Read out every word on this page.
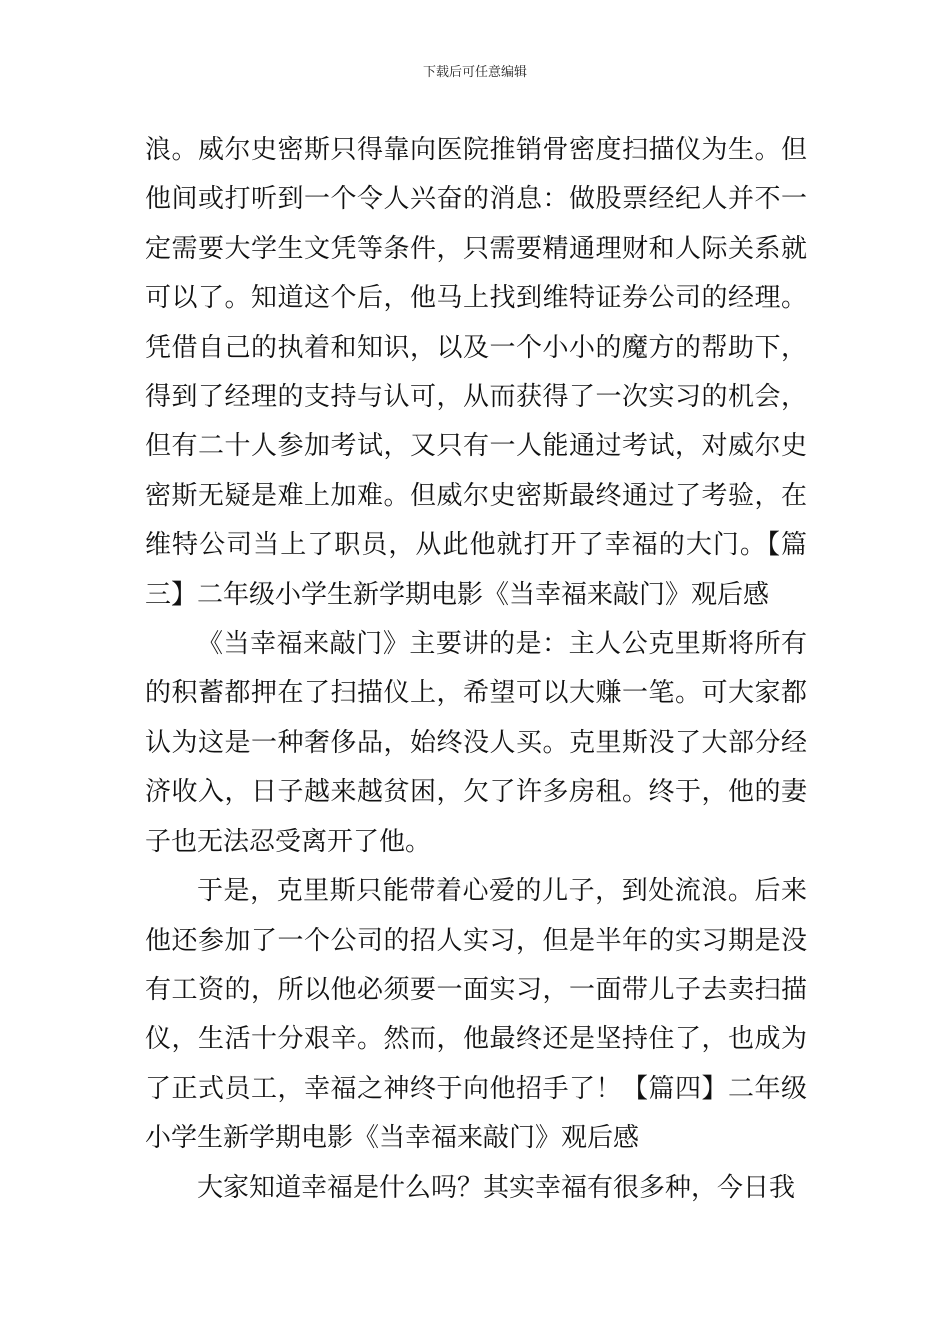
下载后可任意编辑

浪。威尔史密斯只得靠向医院推销骨密度扫描仪为生。但他间或打听到一个令人兴奋的消息：做股票经纪人并不一定需要大学生文凭等条件，只需要精通理财和人际关系就可以了。知道这个后，他马上找到维特证券公司的经理。凭借自己的执着和知识，以及一个小小的魔方的帮助下，得到了经理的支持与认可，从而获得了一次实习的机会，但有二十人参加考试，又只有一人能通过考试，对威尔史密斯无疑是难上加难。但威尔史密斯最终通过了考验，在维特公司当上了职员，从此他就打开了幸福的大门。【篇三】二年级小学生新学期电影《当幸福来敲门》观后感

《当幸福来敲门》主要讲的是：主人公克里斯将所有的积蓄都押在了扫描仪上，希望可以大赚一笔。可大家都认为这是一种奢侈品，始终没人买。克里斯没了大部分经济收入，日子越来越贫困，欠了许多房租。终于，他的妻子也无法忍受离开了他。

于是，克里斯只能带着心爱的儿子，到处流浪。后来他还参加了一个公司的招人实习，但是半年的实习期是没有工资的，所以他必须要一面实习，一面带儿子去卖扫描仪，生活十分艰辛。然而，他最终还是坚持住了，也成为了正式员工，幸福之神终于向他招手了！【篇四】二年级小学生新学期电影《当幸福来敲门》观后感

大家知道幸福是什么吗？其实幸福有很多种，今日我
